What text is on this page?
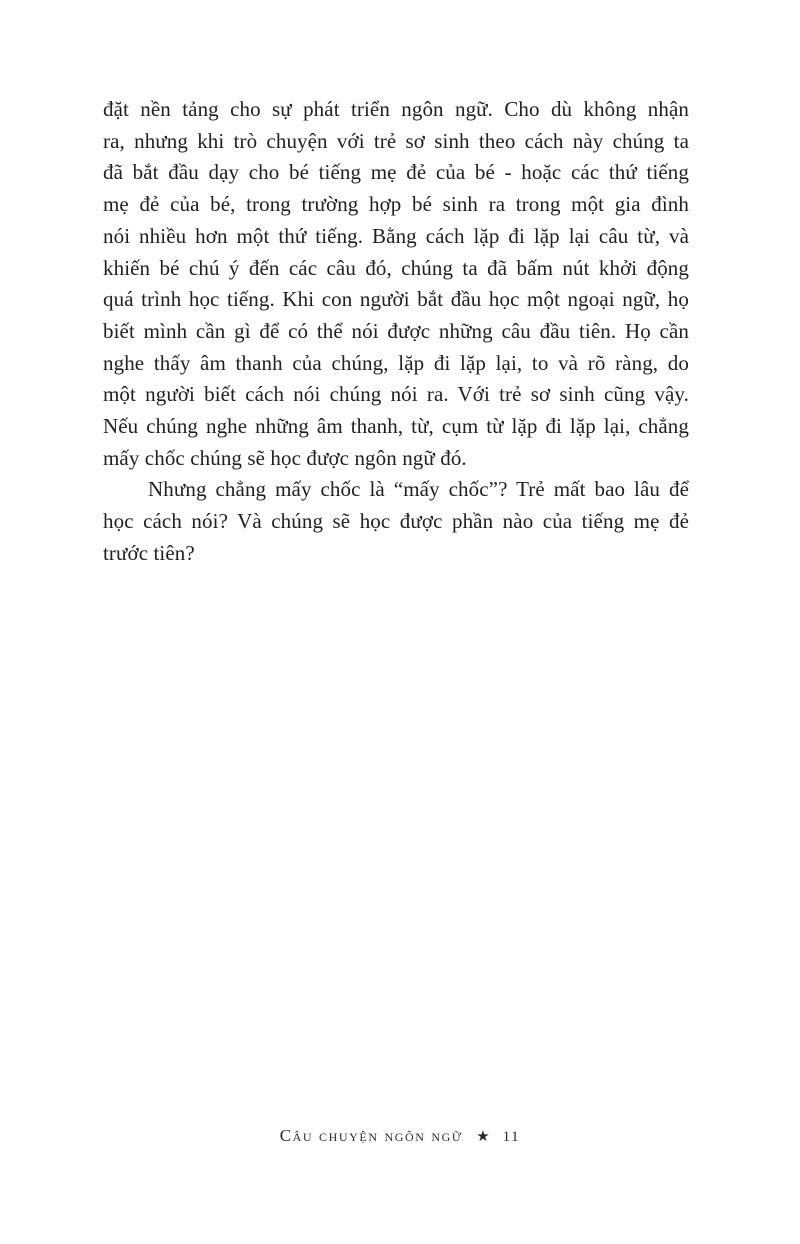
đặt nền tảng cho sự phát triển ngôn ngữ. Cho dù không nhận
ra, nhưng khi trò chuyện với trẻ sơ sinh theo cách này chúng ta
đã bắt đầu dạy cho bé tiếng mẹ đẻ của bé - hoặc các thứ tiếng
mẹ đẻ của bé, trong trường hợp bé sinh ra trong một gia đình
nói nhiều hơn một thứ tiếng. Bằng cách lặp đi lặp lại câu từ, và
khiến bé chú ý đến các câu đó, chúng ta đã bấm nút khởi động
quá trình học tiếng. Khi con người bắt đầu học một ngoại ngữ, họ
biết mình cần gì để có thể nói được những câu đầu tiên. Họ cần
nghe thấy âm thanh của chúng, lặp đi lặp lại, to và rõ ràng, do
một người biết cách nói chúng nói ra. Với trẻ sơ sinh cũng vậy.
Nếu chúng nghe những âm thanh, từ, cụm từ lặp đi lặp lại, chẳng
mấy chốc chúng sẽ học được ngôn ngữ đó.
Nhưng chẳng mấy chốc là “mấy chốc”? Trẻ mất bao lâu để
học cách nói? Và chúng sẽ học được phần nào của tiếng mẹ đẻ
trước tiên?
Câu chuyện ngôn ngữ ★ 11
